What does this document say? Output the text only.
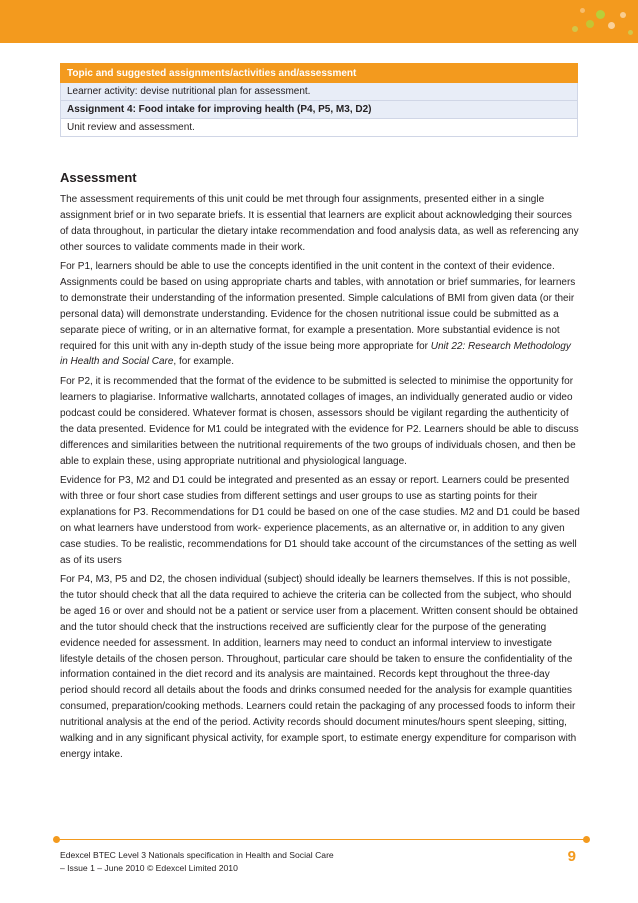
Topic and suggested assignments/activities and/assessment
Learner activity: devise nutritional plan for assessment.
Assignment 4: Food intake for improving health (P4, P5, M3, D2)
Unit review and assessment.
Assessment

The assessment requirements of this unit could be met through four assignments, presented either in a single assignment brief or in two separate briefs. It is essential that learners are explicit about acknowledging their sources of data throughout, in particular the dietary intake recommendation and food analysis data, as well as referencing any other sources to validate comments made in their work.

For P1, learners should be able to use the concepts identified in the unit content in the context of their evidence. Assignments could be based on using appropriate charts and tables, with annotation or brief summaries, for learners to demonstrate their understanding of the information presented. Simple calculations of BMI from given data (or their personal data) will demonstrate understanding. Evidence for the chosen nutritional issue could be submitted as a separate piece of writing, or in an alternative format, for example a presentation. More substantial evidence is not required for this unit with any in-depth study of the issue being more appropriate for Unit 22: Research Methodology in Health and Social Care, for example.

For P2, it is recommended that the format of the evidence to be submitted is selected to minimise the opportunity for learners to plagiarise. Informative wallcharts, annotated collages of images, an individually generated audio or video podcast could be considered. Whatever format is chosen, assessors should be vigilant regarding the authenticity of the data presented. Evidence for M1 could be integrated with the evidence for P2. Learners should be able to discuss differences and similarities between the nutritional requirements of the two groups of individuals chosen, and then be able to explain these, using appropriate nutritional and physiological language.

Evidence for P3, M2 and D1 could be integrated and presented as an essay or report. Learners could be presented with three or four short case studies from different settings and user groups to use as starting points for their explanations for P3. Recommendations for D1 could be based on one of the case studies. M2 and D1 could be based on what learners have understood from work- experience placements, as an alternative or, in addition to any given case studies. To be realistic, recommendations for D1 should take account of the circumstances of the setting as well as of its users

For P4, M3, P5 and D2, the chosen individual (subject) should ideally be learners themselves. If this is not possible, the tutor should check that all the data required to achieve the criteria can be collected from the subject, who should be aged 16 or over and should not be a patient or service user from a placement. Written consent should be obtained and the tutor should check that the instructions received are sufficiently clear for the purpose of the generating evidence needed for assessment. In addition, learners may need to conduct an informal interview to investigate lifestyle details of the chosen person. Throughout, particular care should be taken to ensure the confidentiality of the information contained in the diet record and its analysis are maintained. Records kept throughout the three-day period should record all details about the foods and drinks consumed needed for the analysis for example quantities consumed, preparation/cooking methods. Learners could retain the packaging of any processed foods to inform their nutritional analysis at the end of the period. Activity records should document minutes/hours spent sleeping, sitting, walking and in any significant physical activity, for example sport, to estimate energy expenditure for comparison with energy intake.

Edexcel BTEC Level 3 Nationals specification in Health and Social Care
– Issue 1 – June 2010 © Edexcel Limited 2010
9
